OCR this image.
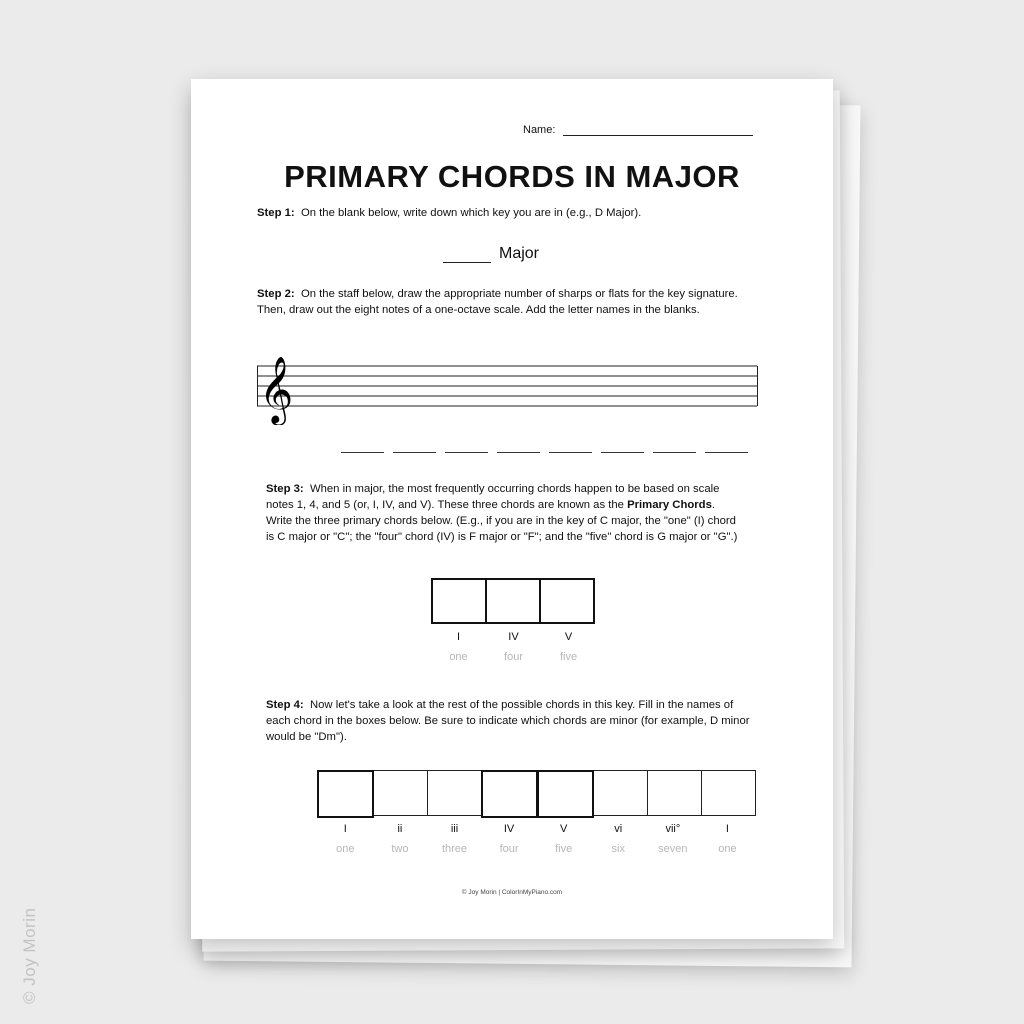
Name:
PRIMARY CHORDS IN MAJOR
Step 1: On the blank below, write down which key you are in (e.g., D Major).
Major
Step 2: On the staff below, draw the appropriate number of sharps or flats for the key signature. Then, draw out the eight notes of a one-octave scale. Add the letter names in the blanks.
𝄞
Step 3: When in major, the most frequently occurring chords happen to be based on scale notes 1, 4, and 5 (or, I, IV, and V). These three chords are known as the Primary Chords. Write the three primary chords below. (E.g., if you are in the key of C major, the "one" (I) chord is C major or "C"; the "four" chord (IV) is F major or "F"; and the "five" chord is G major or "G".)
I	IV	V
one	four	five
Step 4: Now let's take a look at the rest of the possible chords in this key. Fill in the names of each chord in the boxes below. Be sure to indicate which chords are minor (for example, D minor would be "Dm").
I	ii	iii	IV	V	vi	vii°	I
one	two	three	four	five	six	seven	one
© Joy Morin | ColorInMyPiano.com
© Joy Morin
